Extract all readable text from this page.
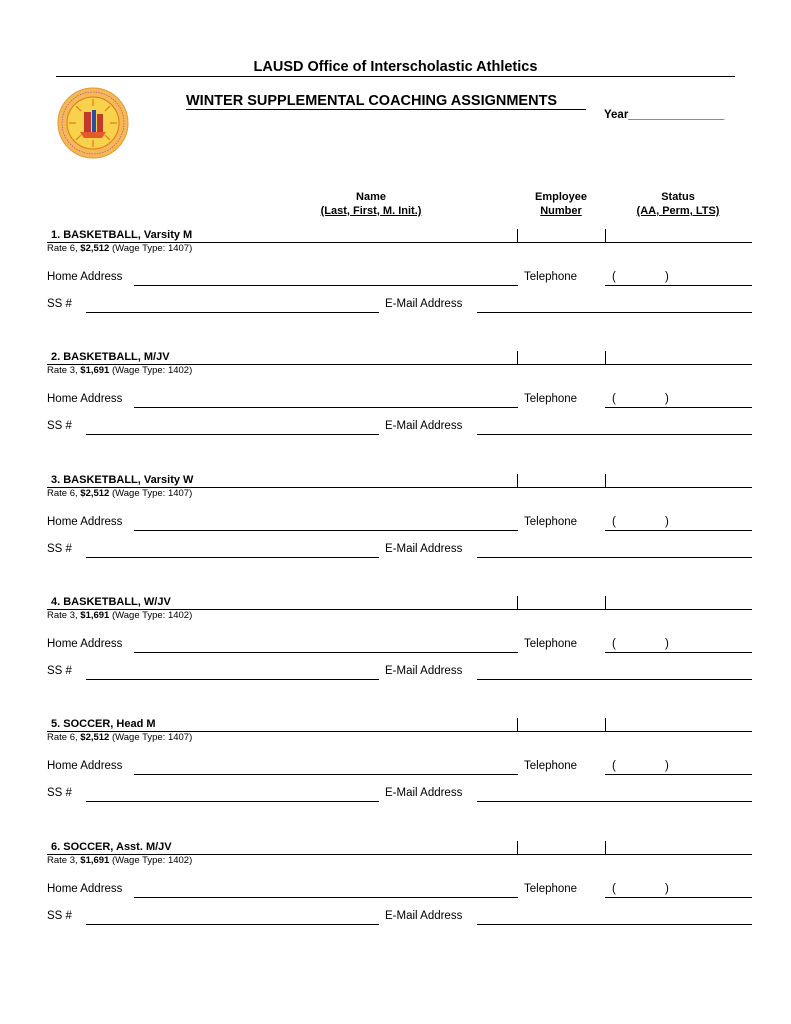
LAUSD Office of Interscholastic Athletics
WINTER SUPPLEMENTAL COACHING ASSIGNMENTS
Year_______________
Name
(Last, First, M. Init.)
Employee
Number
Status
(AA, Perm, LTS)
1. BASKETBALL, Varsity M
Rate 6, $2,512 (Wage Type: 1407)
Home Address	Telephone	(	)
SS #	E-Mail Address
2. BASKETBALL, M/JV
Rate 3, $1,691 (Wage Type: 1402)
Home Address	Telephone	(	)
SS #	E-Mail Address
3. BASKETBALL, Varsity W
Rate 6, $2,512 (Wage Type: 1407)
Home Address	Telephone	(	)
SS #	E-Mail Address
4. BASKETBALL, W/JV
Rate 3, $1,691 (Wage Type: 1402)
Home Address	Telephone	(	)
SS #	E-Mail Address
5. SOCCER, Head M
Rate 6, $2,512 (Wage Type: 1407)
Home Address	Telephone	(	)
SS #	E-Mail Address
6. SOCCER, Asst. M/JV
Rate 3, $1,691 (Wage Type: 1402)
Home Address	Telephone	(	)
SS #	E-Mail Address
